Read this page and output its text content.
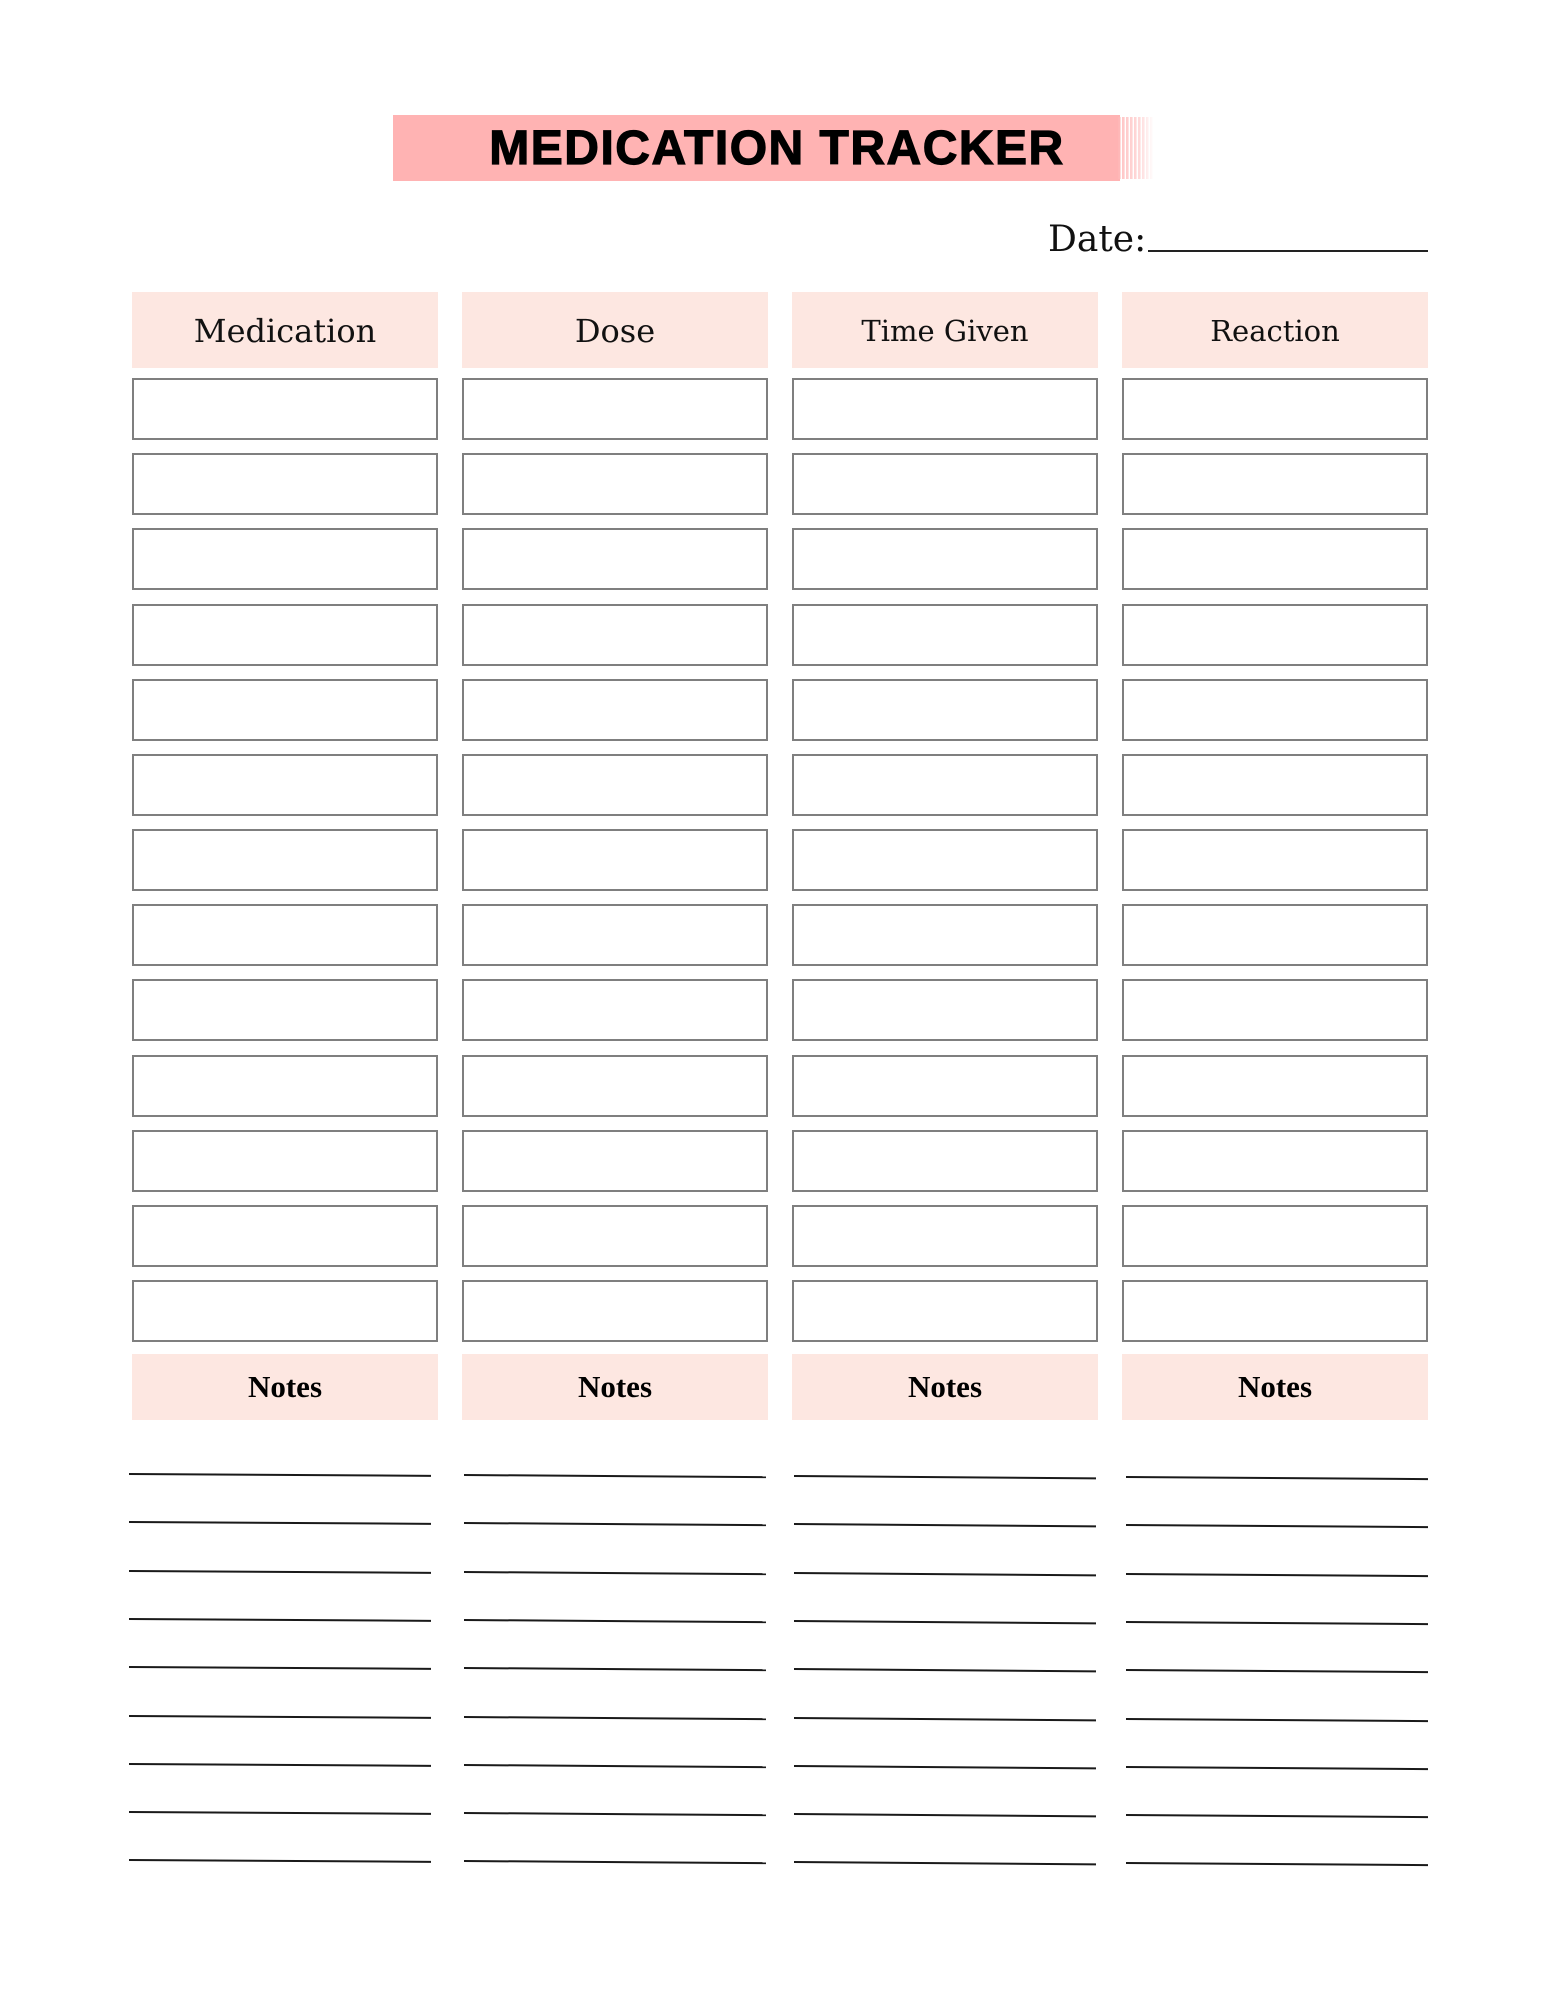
MEDICATION TRACKER
Date:
Medication	Dose	Time Given	Reaction
Notes	Notes	Notes	Notes
